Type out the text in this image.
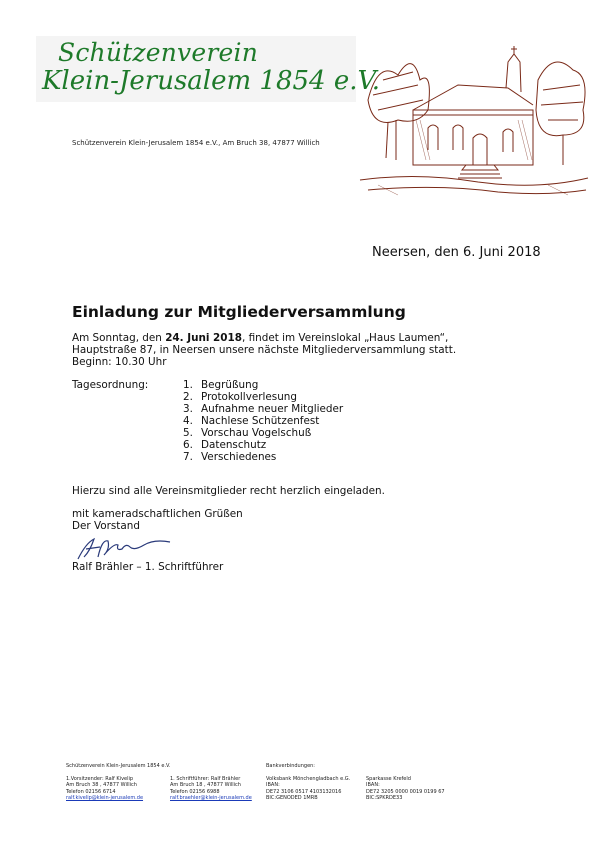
Schützenverein
Klein-Jerusalem 1854 e.V.
Schützenverein Klein-Jerusalem 1854 e.V., Am Bruch 38, 47877 Willich
Neersen, den 6. Juni 2018
Einladung zur Mitgliederversammlung
Am Sonntag, den 24. Juni 2018, findet im Vereinslokal „Haus Laumen“,
Hauptstraße 87, in Neersen unsere nächste Mitgliederversammlung statt.
Beginn: 10.30 Uhr
Tagesordnung:	1. Begrüßung
2. Protokollverlesung
3. Aufnahme neuer Mitglieder
4. Nachlese Schützenfest
5. Vorschau Vogelschuß
6. Datenschutz
7. Verschiedenes
Hierzu sind alle Vereinsmitglieder recht herzlich eingeladen.
mit kameradschaftlichen Grüßen
Der Vorstand
Ralf Brähler – 1. Schriftführer
Schützenverein Klein-Jerusalem 1854 e.V.
1.Vorsitzender: Ralf Kivelip
Am Bruch 38 , 47877 Willich
Telefon 02156 6714
ralf.kivelip@klein-jerusalem.de
1. Schriftführer: Ralf Brähler
Am Bruch 18 , 47877 Willich
Telefon 02156 6988
ralf.braehler@klein-jerusalem.de
Bankverbindungen:
Volksbank Mönchengladbach e.G.
IBAN:
DE72 3106 0517 4103132016
BIC:GENODED 1MRB
Sparkasse Krefeld
IBAN:
DE72 3205 0000 0019 0199 67
BIC:SPKRDE33
